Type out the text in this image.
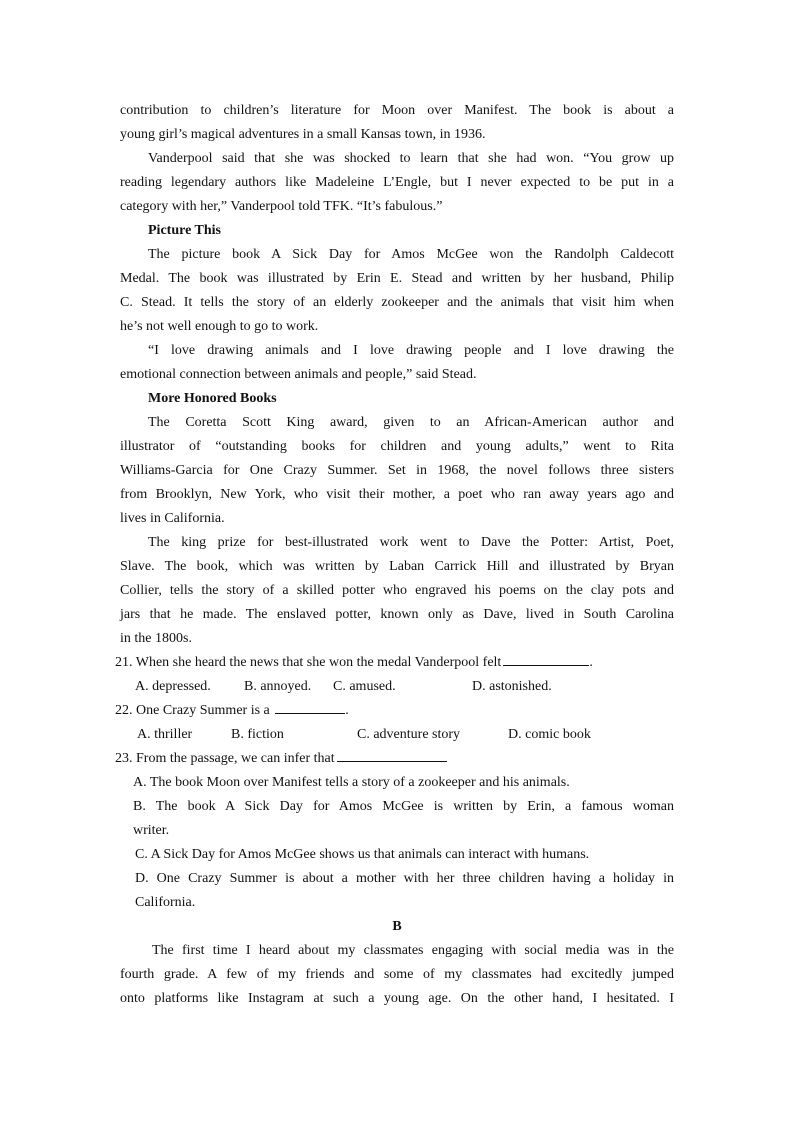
contribution to children’s literature for Moon over Manifest. The book is about a
young girl’s magical adventures in a small Kansas town, in 1936.
Vanderpool said that she was shocked to learn that she had won. “You grow up
reading legendary authors like Madeleine L’Engle, but I never expected to be put in a
category with her,” Vanderpool told TFK. “It’s fabulous.”
Picture This
The picture book A Sick Day for Amos McGee won the Randolph Caldecott
Medal. The book was illustrated by Erin E. Stead and written by her husband, Philip
C. Stead. It tells the story of an elderly zookeeper and the animals that visit him when
he’s not well enough to go to work.
“I love drawing animals and I love drawing people and I love drawing the
emotional connection between animals and people,” said Stead.
More Honored Books
The Coretta Scott King award, given to an African-American author and
illustrator of “outstanding books for children and young adults,” went to Rita
Williams-Garcia for One Crazy Summer. Set in 1968, the novel follows three sisters
from Brooklyn, New York, who visit their mother, a poet who ran away years ago and
lives in California.
The king prize for best-illustrated work went to Dave the Potter: Artist, Poet,
Slave. The book, which was written by Laban Carrick Hill and illustrated by Bryan
Collier, tells the story of a skilled potter who engraved his poems on the clay pots and
jars that he made. The enslaved potter, known only as Dave, lived in South Carolina
in the 1800s.
21. When she heard the news that she won the medal Vanderpool felt	.
A. depressed. B. annoyed. C. amused.	D. astonished.
22. One Crazy Summer is a	.
A. thriller	B. fiction	C. adventure story	D. comic book
23. From the passage, we can infer that
A. The book Moon over Manifest tells a story of a zookeeper and his animals.
B. The book A Sick Day for Amos McGee is written by Erin, a famous woman
writer.
C. A Sick Day for Amos McGee shows us that animals can interact with humans.
D. One Crazy Summer is about a mother with her three children having a holiday in
California.
B
The first time I heard about my classmates engaging with social media was in the
fourth grade. A few of my friends and some of my classmates had excitedly jumped
onto platforms like Instagram at such a young age. On the other hand, I hesitated. I
